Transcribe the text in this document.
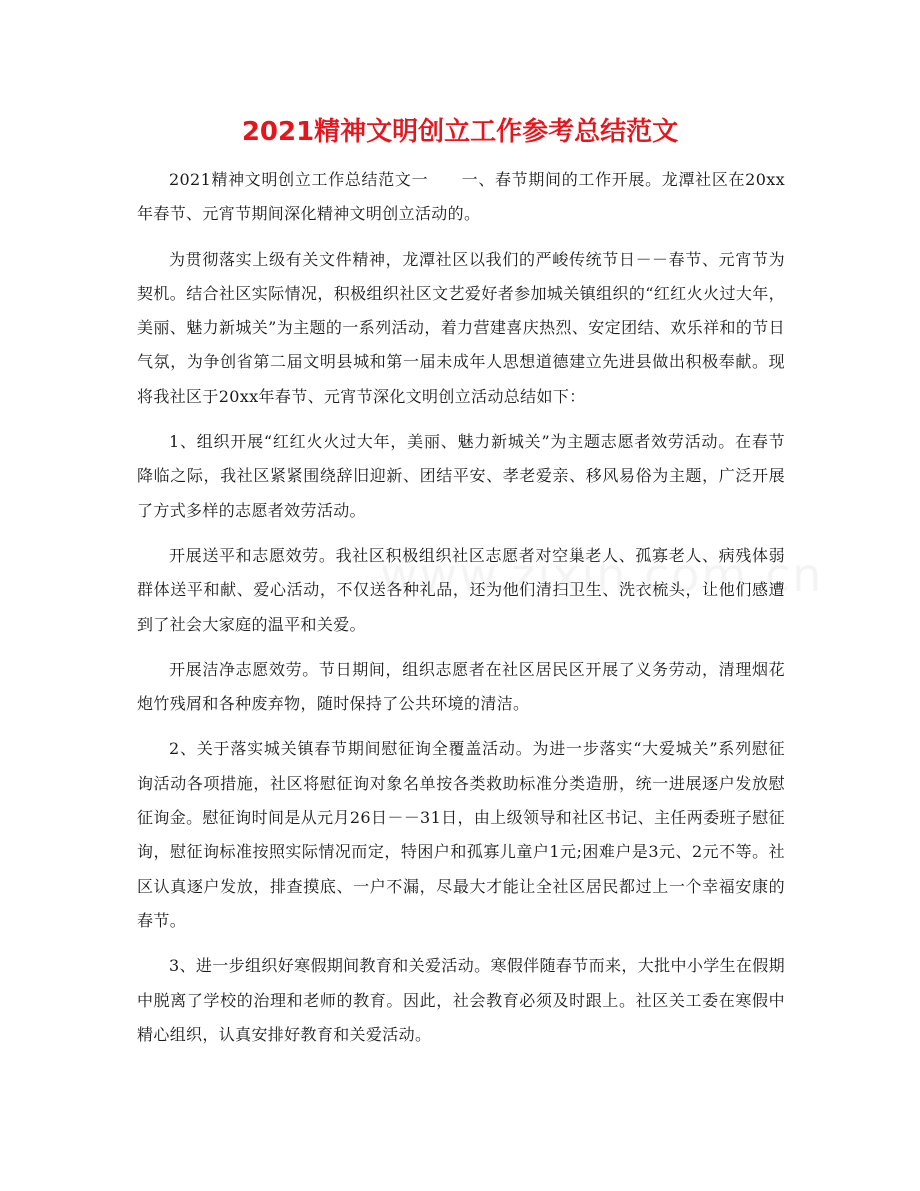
2021精神文明创立工作参考总结范文

2021精神文明创立工作总结范文一　　一、春节期间的工作开展。龙潭社区在20xx年春节、元宵节期间深化精神文明创立活动的。

为贯彻落实上级有关文件精神，龙潭社区以我们的严峻传统节日－－春节、元宵节为契机。结合社区实际情况，积极组织社区文艺爱好者参加城关镇组织的“红红火火过大年，美丽、魅力新城关”为主题的一系列活动，着力营建喜庆热烈、安定团结、欢乐祥和的节日气氛，为争创省第二届文明县城和第一届未成年人思想道德建立先进县做出积极奉献。现将我社区于20xx年春节、元宵节深化文明创立活动总结如下：

1、组织开展“红红火火过大年，美丽、魅力新城关”为主题志愿者效劳活动。在春节降临之际，我社区紧紧围绕辞旧迎新、团结平安、孝老爱亲、移风易俗为主题，广泛开展了方式多样的志愿者效劳活动。

开展送平和志愿效劳。我社区积极组织社区志愿者对空巢老人、孤寡老人、病残体弱群体送平和献、爱心活动，不仅送各种礼品，还为他们清扫卫生、洗衣梳头，让他们感遭到了社会大家庭的温平和关爱。

开展洁净志愿效劳。节日期间，组织志愿者在社区居民区开展了义务劳动，清理烟花炮竹残屑和各种废弃物，随时保持了公共环境的清洁。

2、关于落实城关镇春节期间慰征询全覆盖活动。为进一步落实“大爱城关”系列慰征询活动各项措施，社区将慰征询对象名单按各类救助标准分类造册，统一进展逐户发放慰征询金。慰征询时间是从元月26日－－31日，由上级领导和社区书记、主任两委班子慰征询，慰征询标准按照实际情况而定，特困户和孤寡儿童户1元;困难户是3元、2元不等。社区认真逐户发放，排查摸底、一户不漏，尽最大才能让全社区居民都过上一个幸福安康的春节。

3、进一步组织好寒假期间教育和关爱活动。寒假伴随春节而来，大批中小学生在假期中脱离了学校的治理和老师的教育。因此，社会教育必须及时跟上。社区关工委在寒假中精心组织，认真安排好教育和关爱活动。
